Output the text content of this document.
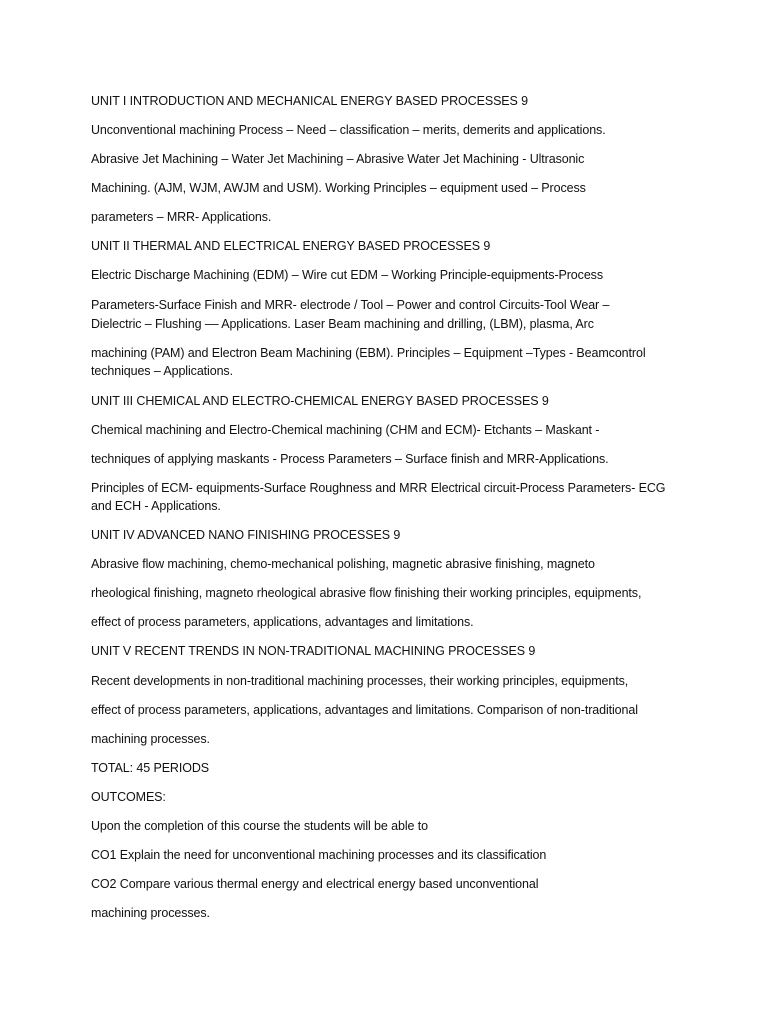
UNIT I INTRODUCTION AND MECHANICAL ENERGY BASED PROCESSES 9
Unconventional machining Process – Need – classification – merits, demerits and applications.
Abrasive Jet Machining – Water Jet Machining – Abrasive Water Jet Machining - Ultrasonic
Machining. (AJM, WJM, AWJM and USM). Working Principles – equipment used – Process
parameters – MRR- Applications.
UNIT II THERMAL AND ELECTRICAL ENERGY BASED PROCESSES 9
Electric Discharge Machining (EDM) – Wire cut EDM – Working Principle-equipments-Process
Parameters-Surface Finish and MRR- electrode / Tool – Power and control Circuits-Tool Wear –
Dielectric – Flushing –– Applications. Laser Beam machining and drilling, (LBM), plasma, Arc
machining (PAM) and Electron Beam Machining (EBM). Principles – Equipment –Types - Beamcontrol
techniques – Applications.
UNIT III CHEMICAL AND ELECTRO-CHEMICAL ENERGY BASED PROCESSES 9
Chemical machining and Electro-Chemical machining (CHM and ECM)- Etchants – Maskant -
techniques of applying maskants - Process Parameters – Surface finish and MRR-Applications.
Principles of ECM- equipments-Surface Roughness and MRR Electrical circuit-Process Parameters- ECG
and ECH - Applications.
UNIT IV ADVANCED NANO FINISHING PROCESSES 9
Abrasive flow machining, chemo-mechanical polishing, magnetic abrasive finishing, magneto
rheological finishing, magneto rheological abrasive flow finishing their working principles, equipments,
effect of process parameters, applications, advantages and limitations.
UNIT V RECENT TRENDS IN NON-TRADITIONAL MACHINING PROCESSES 9
Recent developments in non-traditional machining processes, their working principles, equipments,
effect of process parameters, applications, advantages and limitations. Comparison of non-traditional
machining processes.
TOTAL: 45 PERIODS
OUTCOMES:
Upon the completion of this course the students will be able to
CO1 Explain the need for unconventional machining processes and its classification
CO2 Compare various thermal energy and electrical energy based unconventional
machining processes.
